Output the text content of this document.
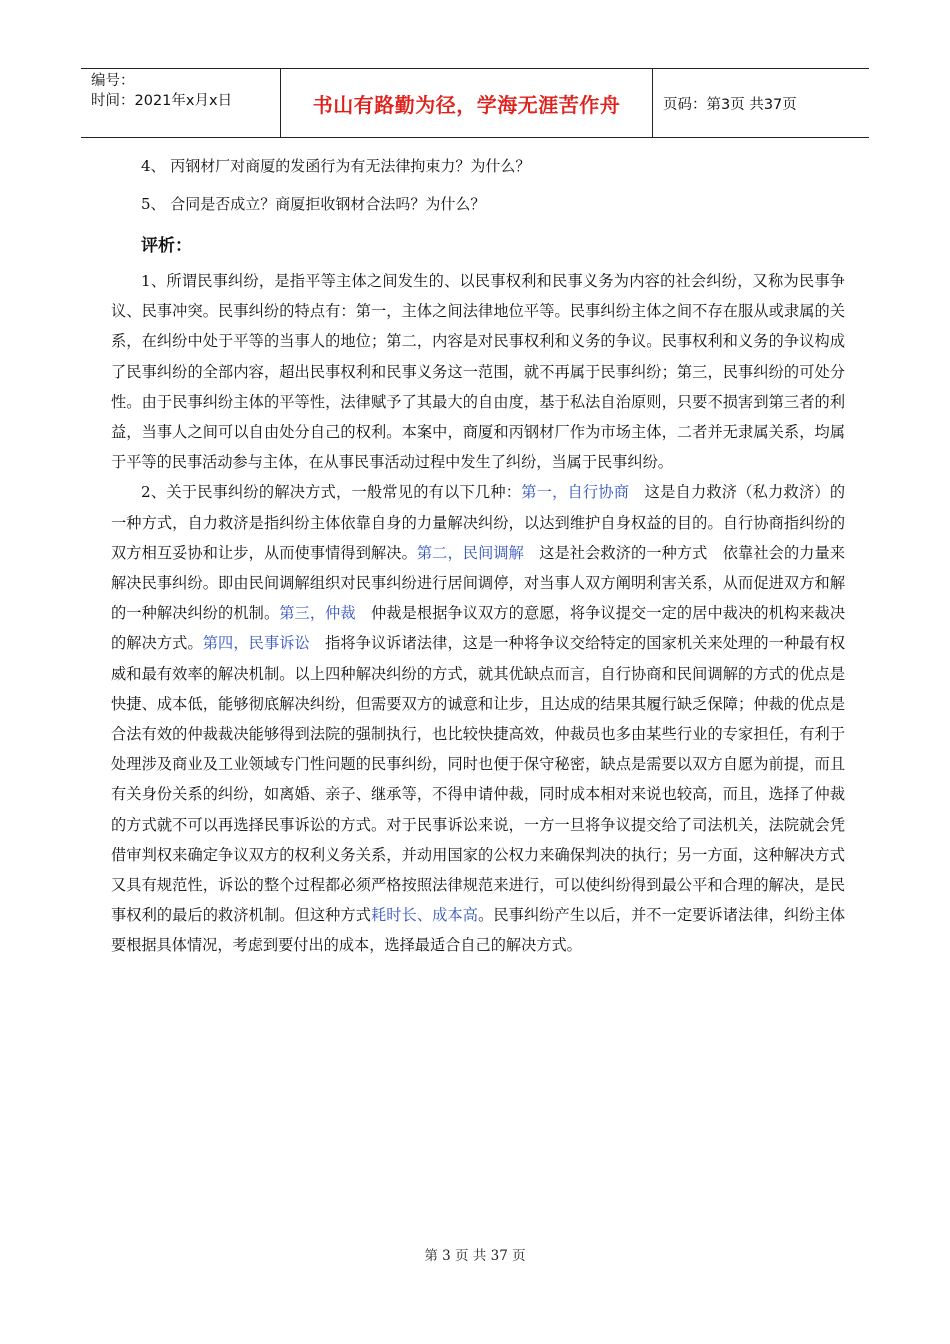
编号：
时间：2021年x月x日	书山有路勤为径，学海无涯苦作舟	页码：第3页 共37页

4、 丙钢材厂对商厦的发函行为有无法律拘束力？为什么？

5、 合同是否成立？商厦拒收钢材合法吗？为什么？

评析：

1、所谓民事纠纷，是指平等主体之间发生的、以民事权利和民事义务为内容的社会纠纷，又称为民事争议、民事冲突。民事纠纷的特点有：第一，主体之间法律地位平等。民事纠纷主体之间不存在服从或隶属的关系，在纠纷中处于平等的当事人的地位；第二，内容是对民事权利和义务的争议。民事权利和义务的争议构成了民事纠纷的全部内容，超出民事权利和民事义务这一范围，就不再属于民事纠纷；第三，民事纠纷的可处分性。由于民事纠纷主体的平等性，法律赋予了其最大的自由度，基于私法自治原则，只要不损害到第三者的利益，当事人之间可以自由处分自己的权利。本案中，商厦和丙钢材厂作为市场主体，二者并无隶属关系，均属于平等的民事活动参与主体，在从事民事活动过程中发生了纠纷，当属于民事纠纷。

2、关于民事纠纷的解决方式，一般常见的有以下几种：第一，自行协商　这是自力救济（私力救济）的一种方式，自力救济是指纠纷主体依靠自身的力量解决纠纷，以达到维护自身权益的目的。自行协商指纠纷的双方相互妥协和让步，从而使事情得到解决。第二，民间调解　这是社会救济的一种方式　依靠社会的力量来解决民事纠纷。即由民间调解组织对民事纠纷进行居间调停，对当事人双方阐明利害关系，从而促进双方和解的一种解决纠纷的机制。第三，仲裁　仲裁是根据争议双方的意愿，将争议提交一定的居中裁决的机构来裁决的解决方式。第四，民事诉讼　指将争议诉诸法律，这是一种将争议交给特定的国家机关来处理的一种最有权威和最有效率的解决机制。以上四种解决纠纷的方式，就其优缺点而言，自行协商和民间调解的方式的优点是快捷、成本低，能够彻底解决纠纷，但需要双方的诚意和让步，且达成的结果其履行缺乏保障；仲裁的优点是合法有效的仲裁裁决能够得到法院的强制执行，也比较快捷高效，仲裁员也多由某些行业的专家担任，有利于处理涉及商业及工业领域专门性问题的民事纠纷，同时也便于保守秘密，缺点是需要以双方自愿为前提，而且有关身份关系的纠纷，如离婚、亲子、继承等，不得申请仲裁，同时成本相对来说也较高，而且，选择了仲裁的方式就不可以再选择民事诉讼的方式。对于民事诉讼来说，一方一旦将争议提交给了司法机关，法院就会凭借审判权来确定争议双方的权利义务关系，并动用国家的公权力来确保判决的执行；另一方面，这种解决方式又具有规范性，诉讼的整个过程都必须严格按照法律规范来进行，可以使纠纷得到最公平和合理的解决，是民事权利的最后的救济机制。但这种方式耗时长、成本高。民事纠纷产生以后，并不一定要诉诸法律，纠纷主体要根据具体情况，考虑到要付出的成本，选择最适合自己的解决方式。

第 3 页 共 37 页
